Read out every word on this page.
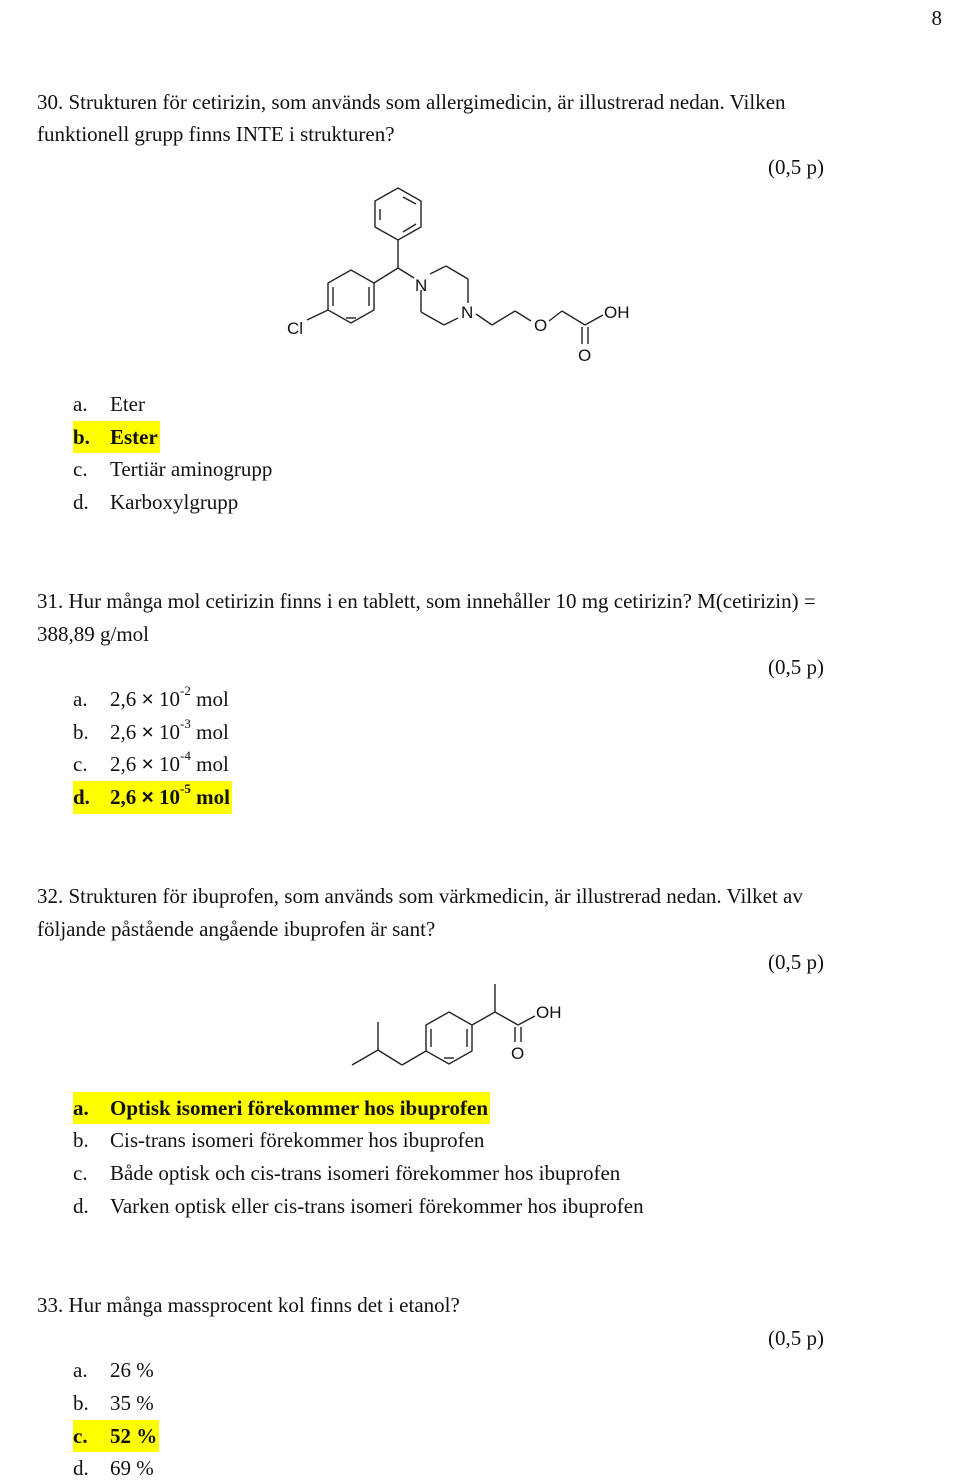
8
30. Strukturen för cetirizin, som används som allergimedicin, är illustrerad nedan. Vilken
funktionell grupp finns INTE i strukturen?
(0,5 p)
Cl
N
N
O
O
OH
OH
O
a. Eter
b. Ester
c. Tertiär aminogrupp
d. Karboxylgrupp
31. Hur många mol cetirizin finns i en tablett, som innehåller 10 mg cetirizin? M(cetirizin) =
388,89 g/mol
(0,5 p)
a. $2,6 \times 10^{-2}$ mol
b. $2,6 \times 10^{-3}$ mol
c. $2,6 \times 10^{-4}$ mol
d. $2,6 \times 10^{-5}$ mol
32. Strukturen för ibuprofen, som används som värkmedicin, är illustrerad nedan. Vilket av
följande påstående angående ibuprofen är sant?
(0,5 p)
a. Optisk isomeri förekommer hos ibuprofen
b. Cis-trans isomeri förekommer hos ibuprofen
c. Både optisk och cis-trans isomeri förekommer hos ibuprofen
d. Varken optisk eller cis-trans isomeri förekommer hos ibuprofen
33. Hur många massprocent kol finns det i etanol?
(0,5 p)
a. 26 %
b. 35 %
c. 52 %
d. 69 %
